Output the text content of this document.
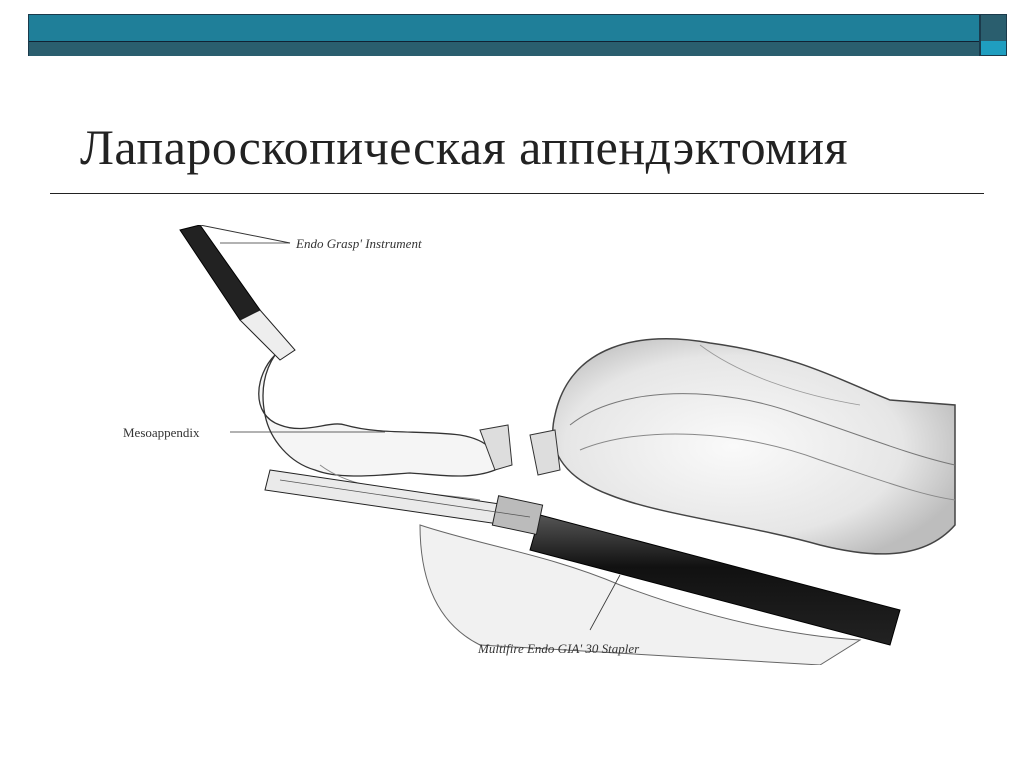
Лапароскопическая аппендэктомия
Endo Grasp' Instrument
Mesoappendix
Multifire Endo GIA' 30 Stapler
